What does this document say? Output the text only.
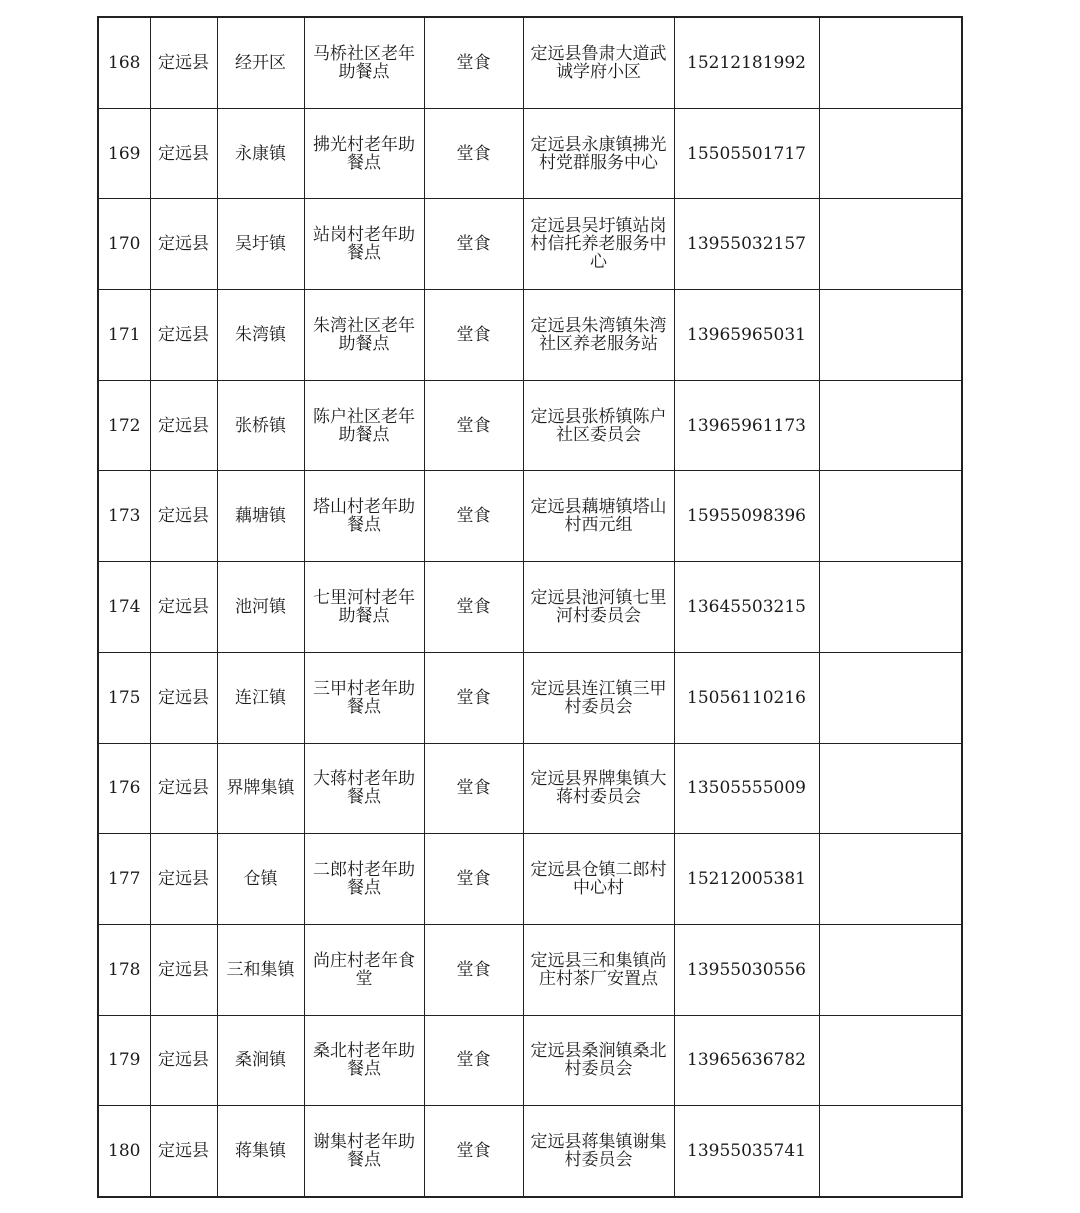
168	定远县	经开区	马桥社区老年助餐点	堂食	定远县鲁肃大道武诚学府小区	15212181992	
169	定远县	永康镇	拂光村老年助餐点	堂食	定远县永康镇拂光村党群服务中心	15505501717	
170	定远县	吴圩镇	站岗村老年助餐点	堂食	定远县吴圩镇站岗村信托养老服务中心	13955032157	
171	定远县	朱湾镇	朱湾社区老年助餐点	堂食	定远县朱湾镇朱湾社区养老服务站	13965965031	
172	定远县	张桥镇	陈户社区老年助餐点	堂食	定远县张桥镇陈户社区委员会	13965961173	
173	定远县	藕塘镇	塔山村老年助餐点	堂食	定远县藕塘镇塔山村西元组	15955098396	
174	定远县	池河镇	七里河村老年助餐点	堂食	定远县池河镇七里河村委员会	13645503215	
175	定远县	连江镇	三甲村老年助餐点	堂食	定远县连江镇三甲村委员会	15056110216	
176	定远县	界牌集镇	大蒋村老年助餐点	堂食	定远县界牌集镇大蒋村委员会	13505555009	
177	定远县	仓镇	二郎村老年助餐点	堂食	定远县仓镇二郎村中心村	15212005381	
178	定远县	三和集镇	尚庄村老年食堂	堂食	定远县三和集镇尚庄村茶厂安置点	13955030556	
179	定远县	桑涧镇	桑北村老年助餐点	堂食	定远县桑涧镇桑北村委员会	13965636782	
180	定远县	蒋集镇	谢集村老年助餐点	堂食	定远县蒋集镇谢集村委员会	13955035741	
